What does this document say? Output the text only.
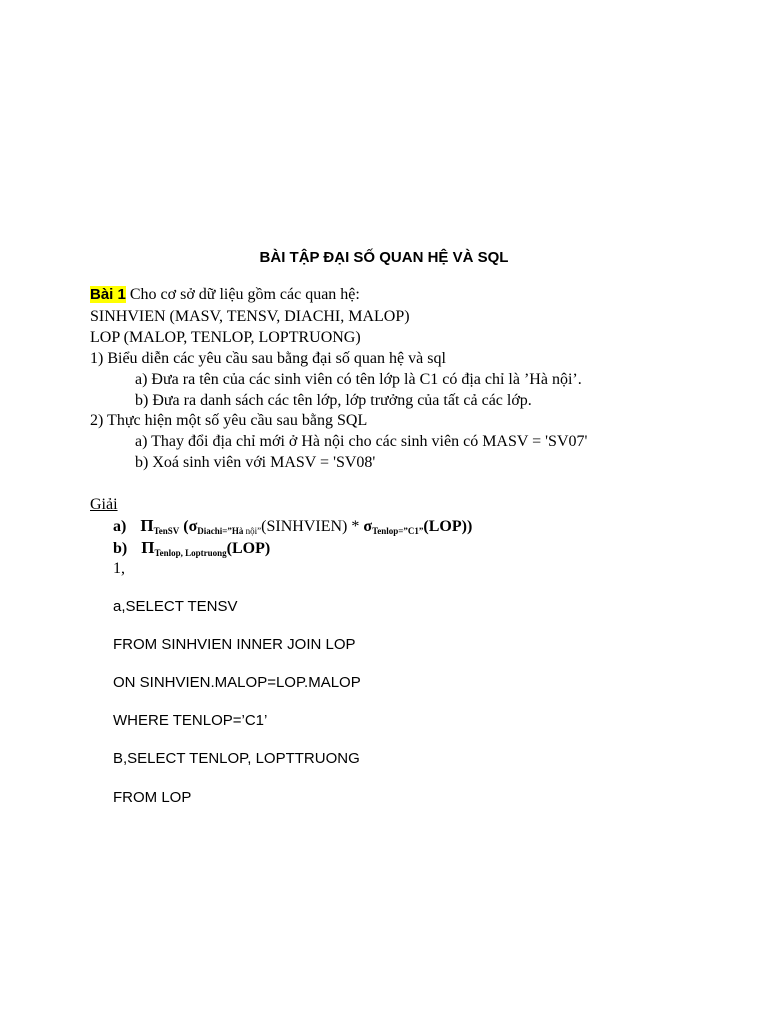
BÀI TẬP ĐẠI SỐ QUAN HỆ VÀ SQL
Bài 1 Cho cơ sở dữ liệu gồm các quan hệ:
SINHVIEN (MASV, TENSV, DIACHI, MALOP)
LOP (MALOP, TENLOP, LOPTRUONG)
1) Biểu diễn các yêu cầu sau bằng đại số quan hệ và sql
a) Đưa ra tên của các sinh viên có tên lớp là C1 có địa chỉ là ’Hà nội’.
b) Đưa ra danh sách các tên lớp, lớp trưởng của tất cả các lớp.
2) Thực hiện một số yêu cầu sau bằng SQL
a) Thay đổi địa chỉ mới ở Hà nội cho các sinh viên có MASV = 'SV07'
b) Xoá sinh viên với MASV = 'SV08'
Giải
a) $\Pi_{TenSV}$ ($\sigma_{Diachi=”Hà}$ nội”(SINHVIEN) * $\sigma_{Tenlop=”C1”}(LOP)$)
b) $\Pi_{Tenlop, Loptruong}(LOP)$
1,
a,SELECT TENSV
FROM SINHVIEN INNER JOIN LOP
ON SINHVIEN.MALOP=LOP.MALOP
WHERE TENLOP=’C1’
B,SELECT TENLOP, LOPTTRUONG
FROM LOP
